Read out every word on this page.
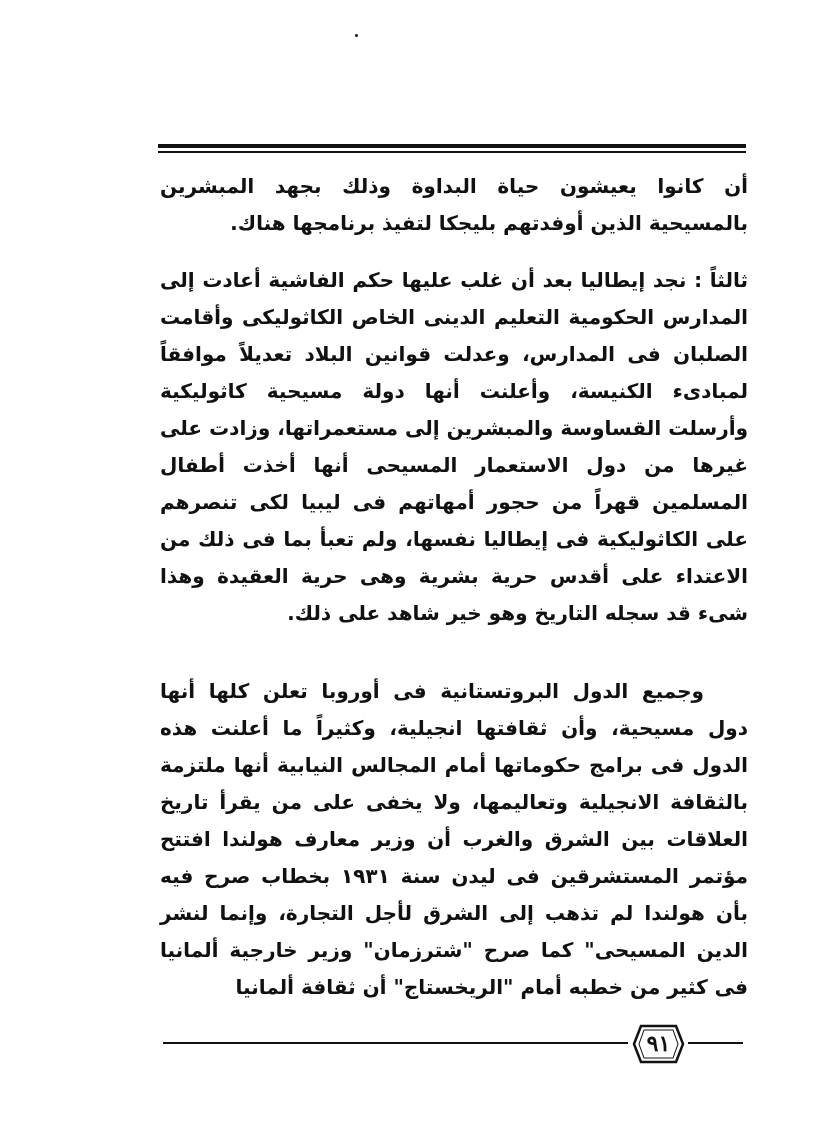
أن كانوا يعيشون حياة البداوة وذلك بجهد المبشرين بالمسيحية الذين أوفدتهم بليجكا لتفيذ برنامجها هناك.
ثالثاً : نجد إيطاليا بعد أن غلب عليها حكم الفاشية أعادت إلى المدارس الحكومية التعليم الدينى الخاص الكاثوليكى وأقامت الصلبان فى المدارس، وعدلت قوانين البلاد تعديلاً موافقاً لمبادىء الكنيسة، وأعلنت أنها دولة مسيحية كاثوليكية وأرسلت القساوسة والمبشرين إلى مستعمراتها، وزادت على غيرها من دول الاستعمار المسيحى أنها أخذت أطفال المسلمين قهراً من حجور أمهاتهم فى ليبيا لكى تنصرهم على الكاثوليكية فى إيطاليا نفسها، ولم تعبأ بما فى ذلك من الاعتداء على أقدس حرية بشرية وهى حرية العقيدة وهذا شىء قد سجله التاريخ وهو خير شاهد على ذلك.
وجميع الدول البروتستانية فى أوروبا تعلن كلها أنها دول مسيحية، وأن ثقافتها انجيلية، وكثيراً ما أعلنت هذه الدول فى برامج حكوماتها أمام المجالس النيابية أنها ملتزمة بالثقافة الانجيلية وتعاليمها، ولا يخفى على من يقرأ تاريخ العلاقات بين الشرق والغرب أن وزير معارف هولندا افتتح مؤتمر المستشرقين فى ليدن سنة ١٩٣١ بخطاب صرح فيه بأن هولندا لم تذهب إلى الشرق لأجل التجارة، وإنما لنشر الدين المسيحى" كما صرح "شترزمان" وزير خارجية ألمانيا فى كثير من خطبه أمام "الريخستاج" أن ثقافة ألمانيا
٩١
